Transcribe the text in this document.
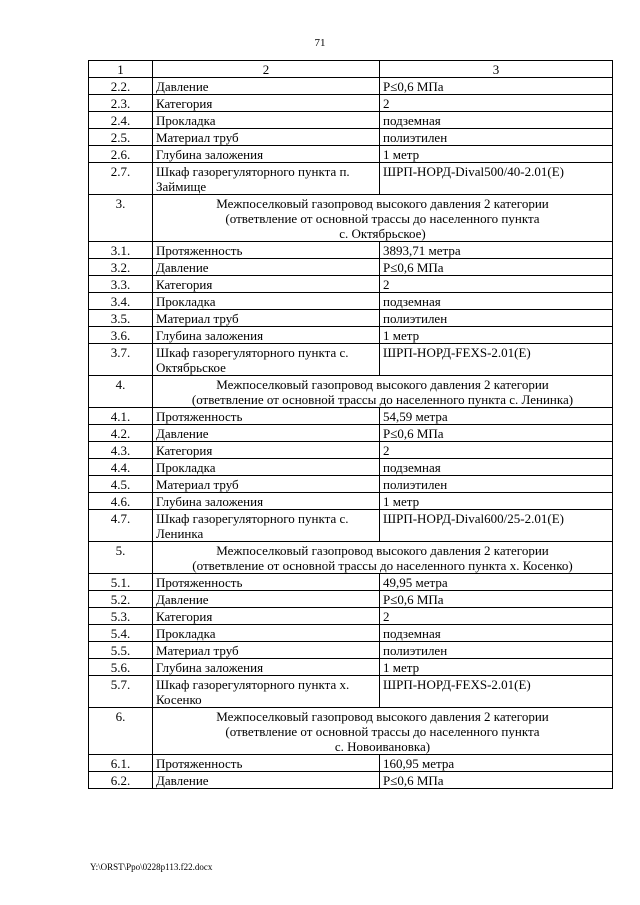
71
1	2	3
2.2.	Давление	Р≤0,6 МПа
2.3.	Категория	2
2.4.	Прокладка	подземная
2.5.	Материал труб	полиэтилен
2.6.	Глубина заложения	1 метр
2.7.	Шкаф газорегуляторного пункта п. Займище	ШРП-НОРД-Dival500/40-2.01(Е)
3.	Межпоселковый газопровод высокого давления 2 категории
(ответвление от основной трассы до населенного пункта
с. Октябрьское)	

3.1.	Протяженность	3893,71 метра
3.2.	Давление	Р≤0,6 МПа
3.3.	Категория	2
3.4.	Прокладка	подземная
3.5.	Материал труб	полиэтилен
3.6.	Глубина заложения	1 метр
3.7.	Шкаф газорегуляторного пункта с. Октябрьское	ШРП-НОРД-FEXS-2.01(Е)
4.	Межпоселковый газопровод высокого давления 2 категории
(ответвление от основной трассы до населенного пункта с. Ленинка)	

4.1.	Протяженность	54,59 метра
4.2.	Давление	Р≤0,6 МПа
4.3.	Категория	2
4.4.	Прокладка	подземная
4.5.	Материал труб	полиэтилен
4.6.	Глубина заложения	1 метр
4.7.	Шкаф газорегуляторного пункта с. Ленинка	ШРП-НОРД-Dival600/25-2.01(Е)
5.	Межпоселковый газопровод высокого давления 2 категории
(ответвление от основной трассы до населенного пункта х. Косенко)	

5.1.	Протяженность	49,95 метра
5.2.	Давление	Р≤0,6 МПа
5.3.	Категория	2
5.4.	Прокладка	подземная
5.5.	Материал труб	полиэтилен
5.6.	Глубина заложения	1 метр
5.7.	Шкаф газорегуляторного пункта х. Косенко	ШРП-НОРД-FEXS-2.01(Е)
6.	Межпоселковый газопровод высокого давления 2 категории
(ответвление от основной трассы до населенного пункта
с. Новоивановка)	

6.1.	Протяженность	160,95 метра
6.2.	Давление	Р≤0,6 МПа
Y:\ORST\Ppo\0228p113.f22.docx
